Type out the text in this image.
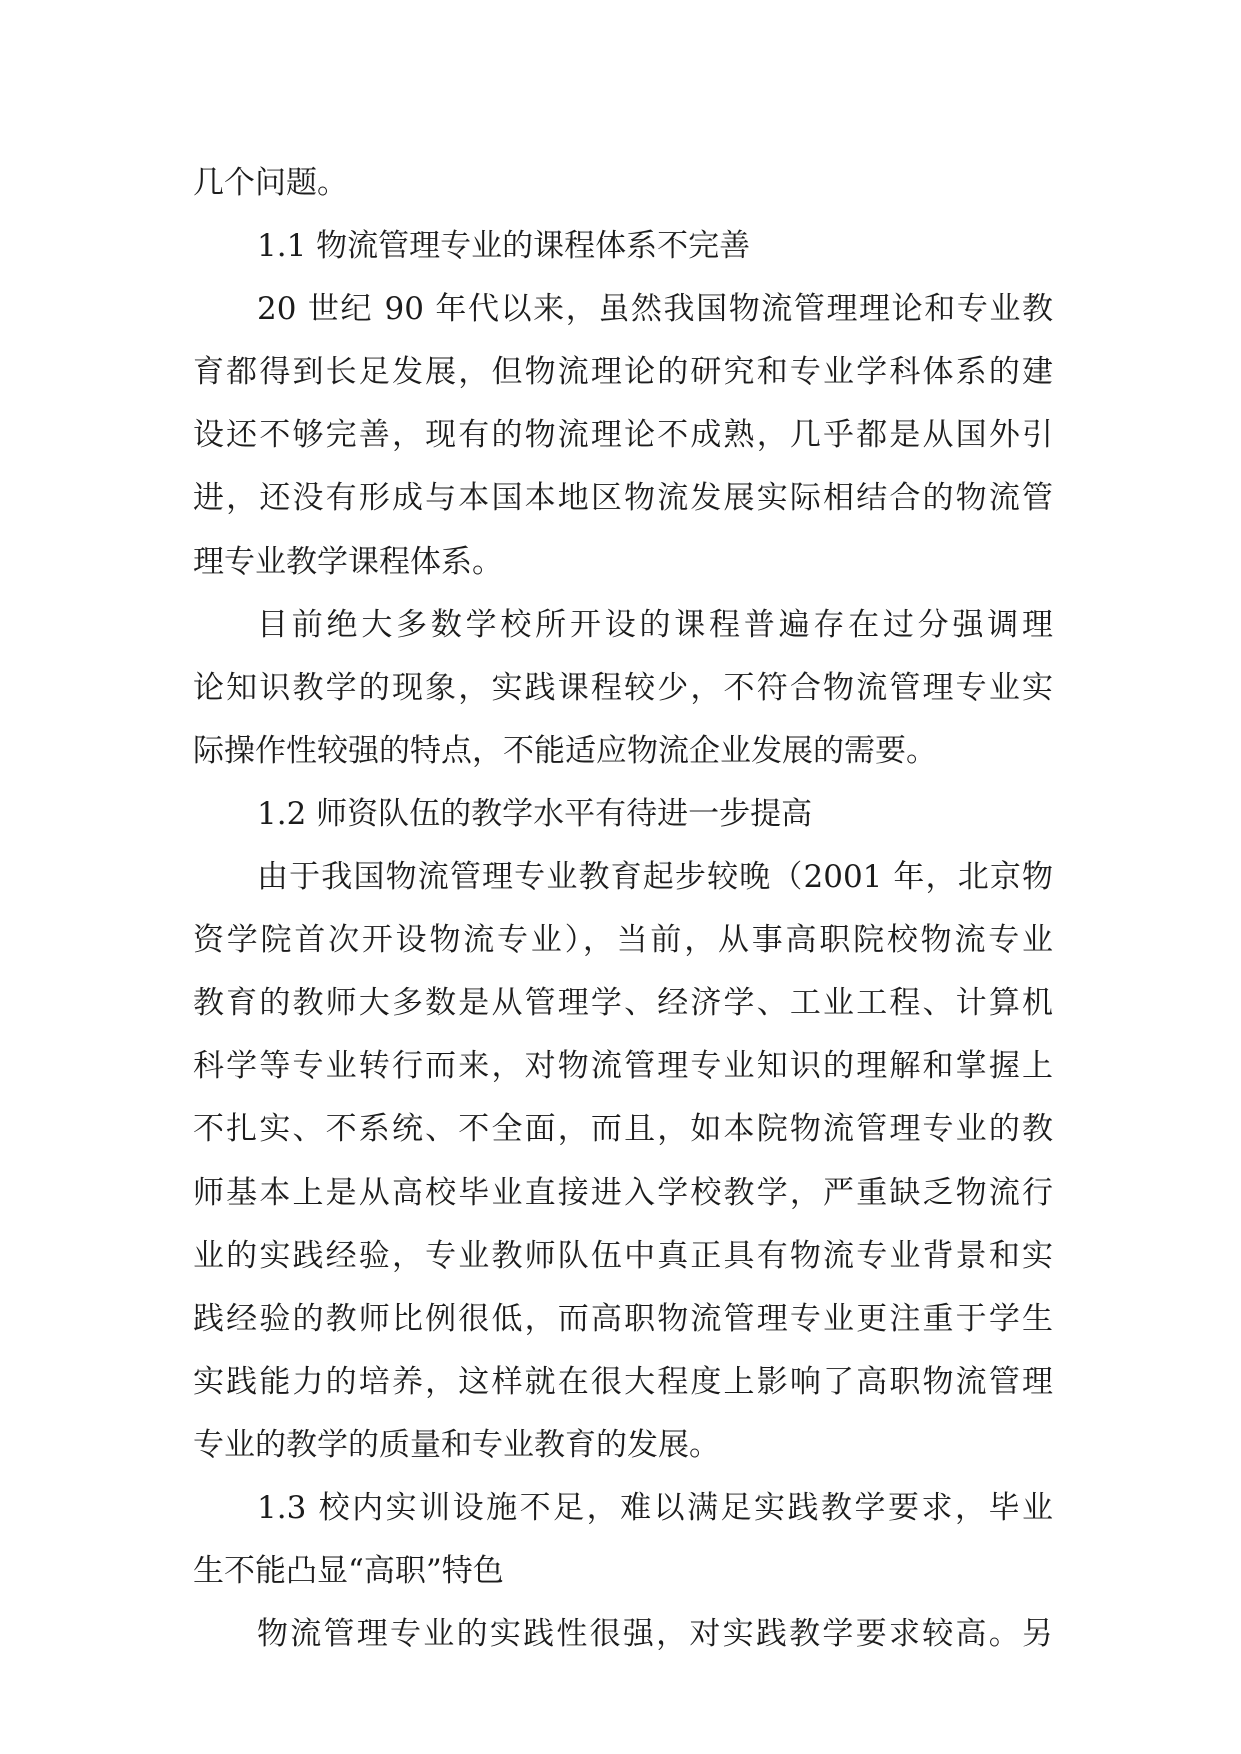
几个问题。
1.1 物流管理专业的课程体系不完善
20 世纪 90 年代以来，虽然我国物流管理理论和专业教
育都得到长足发展，但物流理论的研究和专业学科体系的建
设还不够完善，现有的物流理论不成熟，几乎都是从国外引
进，还没有形成与本国本地区物流发展实际相结合的物流管
理专业教学课程体系。
目前绝大多数学校所开设的课程普遍存在过分强调理
论知识教学的现象，实践课程较少，不符合物流管理专业实
际操作性较强的特点，不能适应物流企业发展的需要。
1.2 师资队伍的教学水平有待进一步提高
由于我国物流管理专业教育起步较晚（2001 年，北京物
资学院首次开设物流专业），当前，从事高职院校物流专业
教育的教师大多数是从管理学、经济学、工业工程、计算机
科学等专业转行而来，对物流管理专业知识的理解和掌握上
不扎实、不系统、不全面，而且，如本院物流管理专业的教
师基本上是从高校毕业直接进入学校教学，严重缺乏物流行
业的实践经验，专业教师队伍中真正具有物流专业背景和实
践经验的教师比例很低，而高职物流管理专业更注重于学生
实践能力的培养，这样就在很大程度上影响了高职物流管理
专业的教学的质量和专业教育的发展。
1.3 校内实训设施不足，难以满足实践教学要求，毕业
生不能凸显“高职”特色
物流管理专业的实践性很强，对实践教学要求较高。另
